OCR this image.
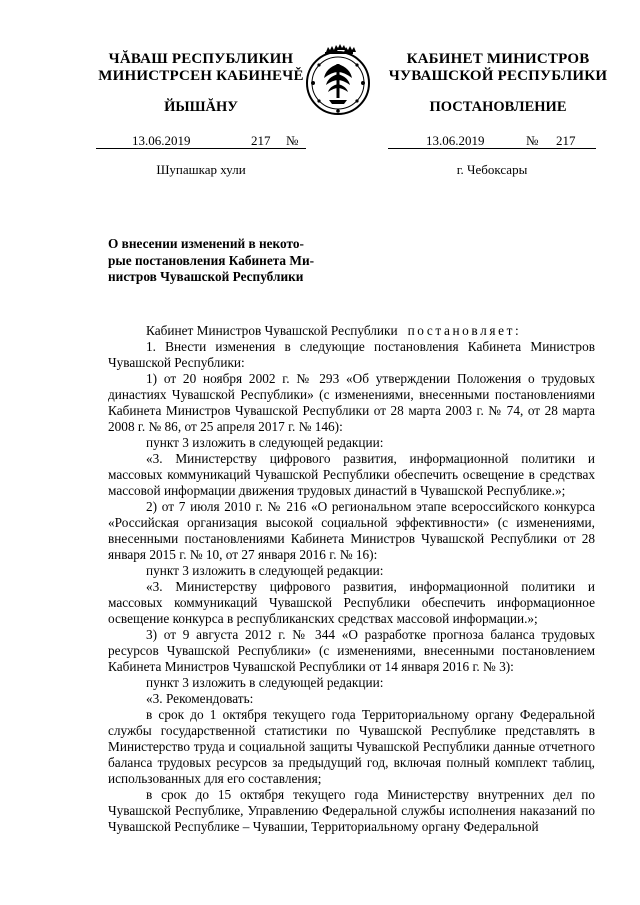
ЧĂВАШ РЕСПУБЛИКИН
МИНИСТРСЕН КАБИНЕЧĚ
ЙЫШĂНУ
КАБИНЕТ МИНИСТРОВ
ЧУВАШСКОЙ РЕСПУБЛИКИ
ПОСТАНОВЛЕНИЕ
13.06.2019	217 №	13.06.2019	№ 217
Шупашкар хули	г. Чебоксары
О внесении изменений в некото-
рые постановления Кабинета Ми-
нистров Чувашской Республики

Кабинет Министров Чувашской Республики постановляет:

1. Внести изменения в следующие постановления Кабинета Министров Чувашской Республики:

1) от 20 ноября 2002 г. № 293 «Об утверждении Положения о трудовых династиях Чувашской Республики» (с изменениями, внесенными постановлениями Кабинета Министров Чувашской Республики от 28 марта 2003 г. № 74, от 28 марта 2008 г. № 86, от 25 апреля 2017 г. № 146):

пункт 3 изложить в следующей редакции:

«3. Министерству цифрового развития, информационной политики и массовых коммуникаций Чувашской Республики обеспечить освещение в средствах массовой информации движения трудовых династий в Чувашской Республике.»;

2) от 7 июля 2010 г. № 216 «О региональном этапе всероссийского конкурса «Российская организация высокой социальной эффективности» (с изменениями, внесенными постановлениями Кабинета Министров Чувашской Республики от 28 января 2015 г. № 10, от 27 января 2016 г. № 16):

пункт 3 изложить в следующей редакции:

«3. Министерству цифрового развития, информационной политики и массовых коммуникаций Чувашской Республики обеспечить информационное освещение конкурса в республиканских средствах массовой информации.»;

3) от 9 августа 2012 г. № 344 «О разработке прогноза баланса трудовых ресурсов Чувашской Республики» (с изменениями, внесенными постановлением Кабинета Министров Чувашской Республики от 14 января 2016 г. № 3):

пункт 3 изложить в следующей редакции:

«3. Рекомендовать:

в срок до 1 октября текущего года Территориальному органу Федеральной службы государственной статистики по Чувашской Республике представлять в Министерство труда и социальной защиты Чувашской Республики данные отчетного баланса трудовых ресурсов за предыдущий год, включая полный комплект таблиц, использованных для его составления;

в срок до 15 октября текущего года Министерству внутренних дел по Чувашской Республике, Управлению Федеральной службы исполнения наказаний по Чувашской Республике – Чувашии, Территориальному органу Федеральной
